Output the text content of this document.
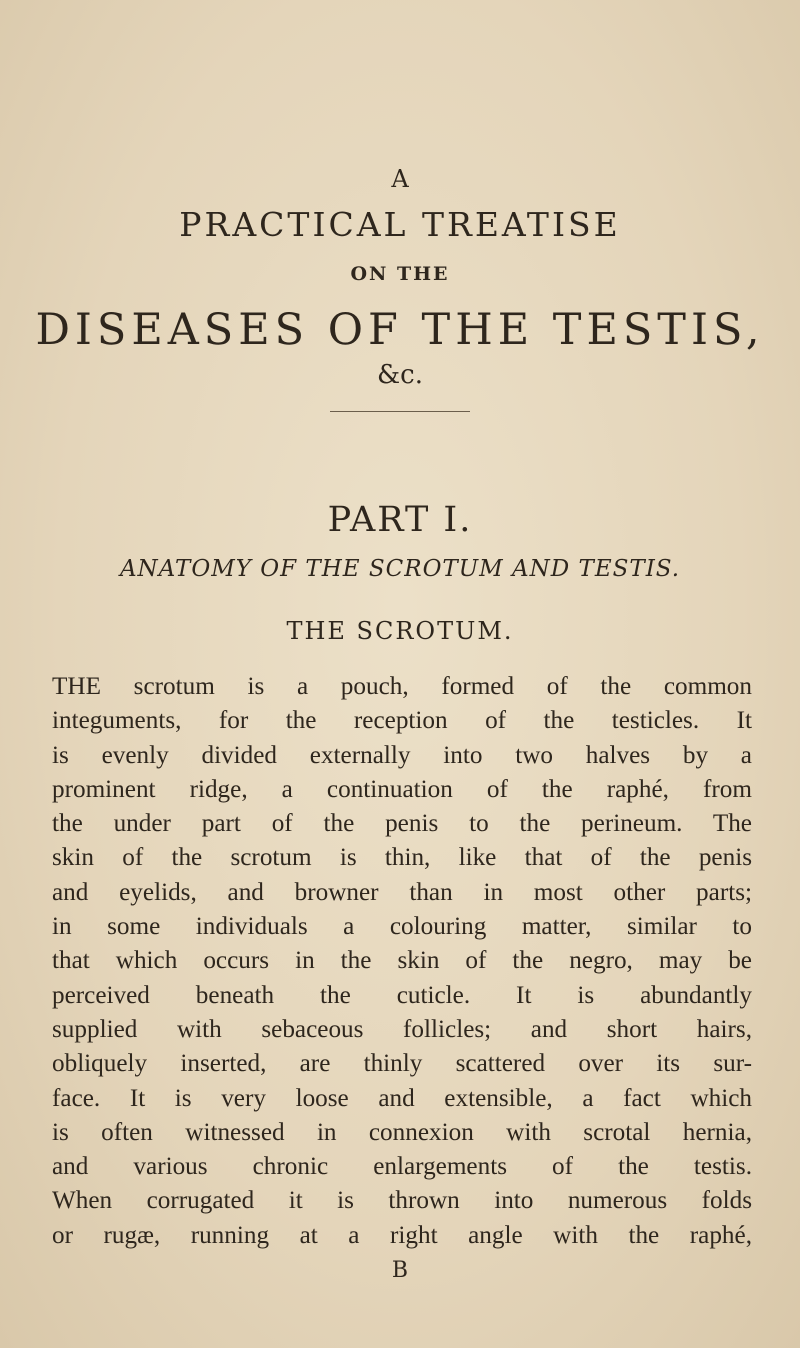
A
PRACTICAL TREATISE
ON THE
DISEASES OF THE TESTIS,
&c.
PART I.
ANATOMY OF THE SCROTUM AND TESTIS.
THE SCROTUM.
THE scrotum is a pouch, formed of the common
integuments, for the reception of the testicles. It
is evenly divided externally into two halves by a
prominent ridge, a continuation of the raphé, from
the under part of the penis to the perineum. The
skin of the scrotum is thin, like that of the penis
and eyelids, and browner than in most other parts;
in some individuals a colouring matter, similar to
that which occurs in the skin of the negro, may be
perceived beneath the cuticle. It is abundantly
supplied with sebaceous follicles; and short hairs,
obliquely inserted, are thinly scattered over its sur-
face. It is very loose and extensible, a fact which
is often witnessed in connexion with scrotal hernia,
and various chronic enlargements of the testis.
When corrugated it is thrown into numerous folds
or rugæ, running at a right angle with the raphé,
B
